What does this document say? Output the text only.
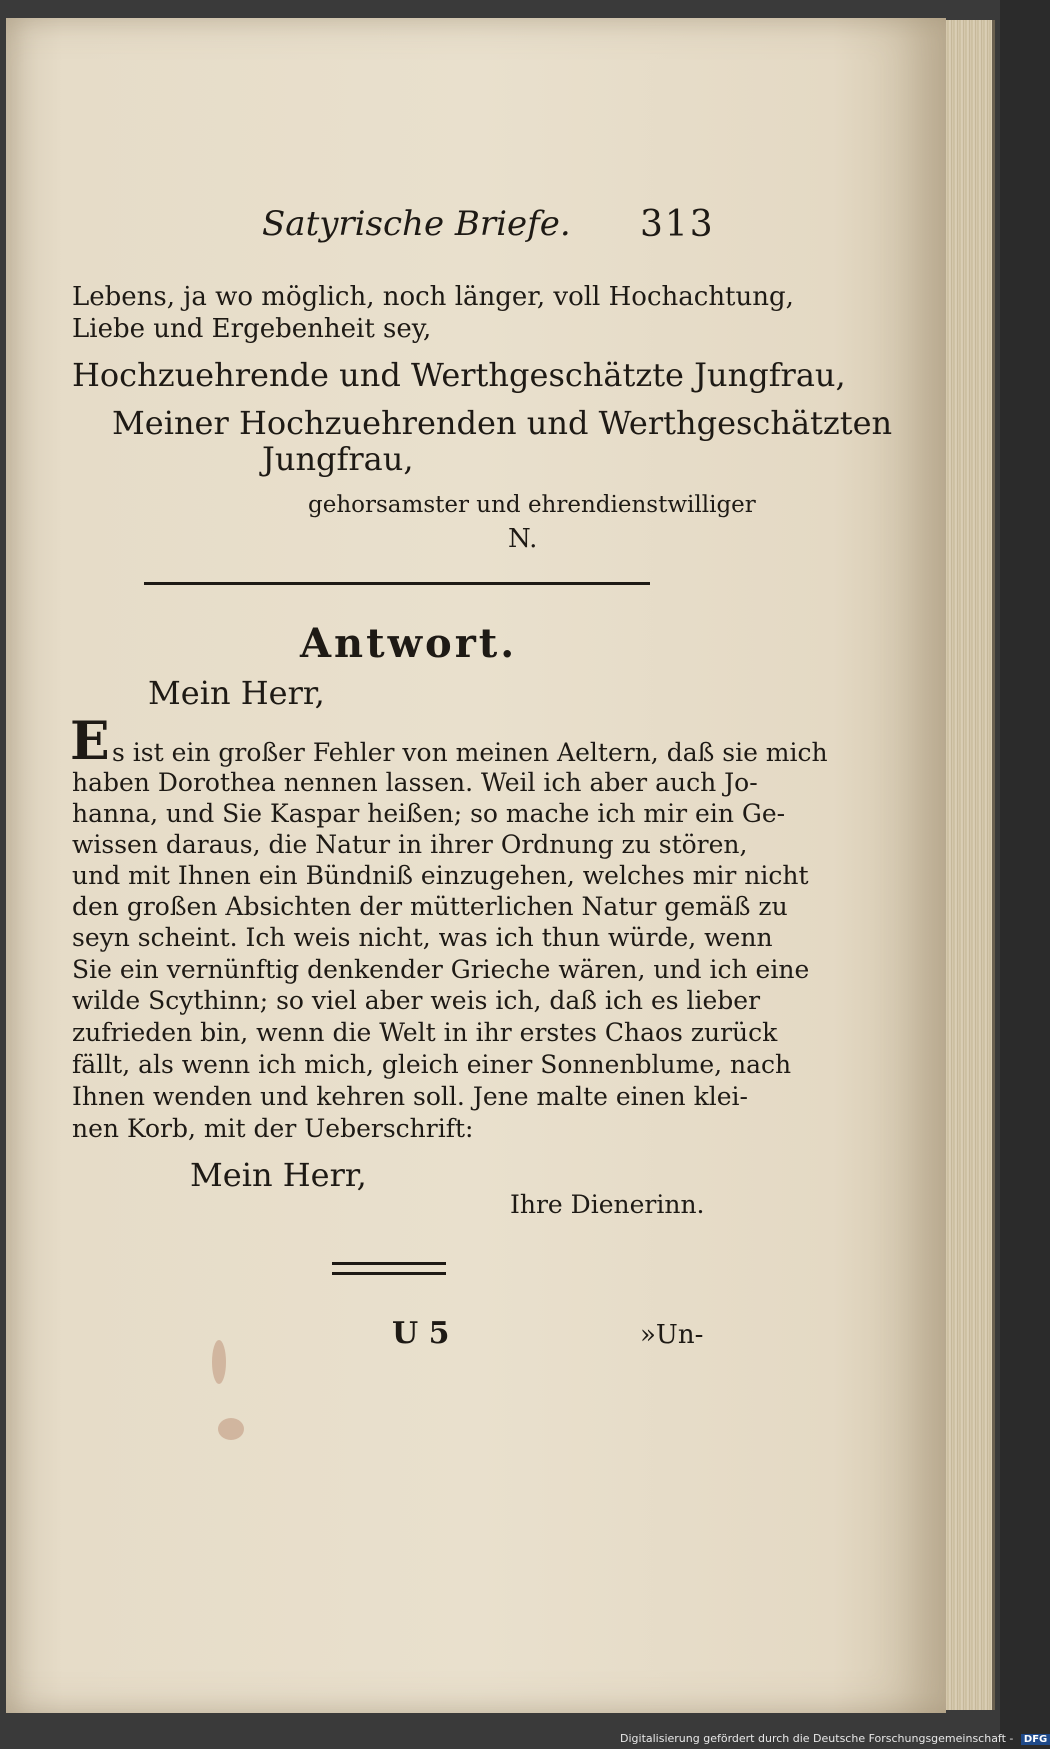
Satyrische Briefe. 313
Lebens, ja wo möglich, noch länger, voll Hochachtung,
Liebe und Ergebenheit sey,
Hochzuehrende und Werthgeschätzte Jungfrau,
Meiner Hochzuehrenden und Werthgeschätzten
Jungfrau,
gehorsamster und ehrendienstwilliger
N.
Antwort.
Mein Herr,
E s ist ein großer Fehler von meinen Aeltern, daß sie mich
haben Dorothea nennen lassen. Weil ich aber auch Jo-
hanna, und Sie Kaspar heißen; so mache ich mir ein Ge-
wissen daraus, die Natur in ihrer Ordnung zu stören,
und mit Ihnen ein Bündniß einzugehen, welches mir nicht
den großen Absichten der mütterlichen Natur gemäß zu
seyn scheint. Ich weis nicht, was ich thun würde, wenn
Sie ein vernünftig denkender Grieche wären, und ich eine
wilde Scythinn; so viel aber weis ich, daß ich es lieber
zufrieden bin, wenn die Welt in ihr erstes Chaos zurück
fällt, als wenn ich mich, gleich einer Sonnenblume, nach
Ihnen wenden und kehren soll. Jene malte einen klei-
nen Korb, mit der Ueberschrift:
Mein Herr,
Ihre Dienerinn.
U 5	»Un-
Digitalisierung gefördert durch die Deutsche Forschungsgemeinschaft - DFG
